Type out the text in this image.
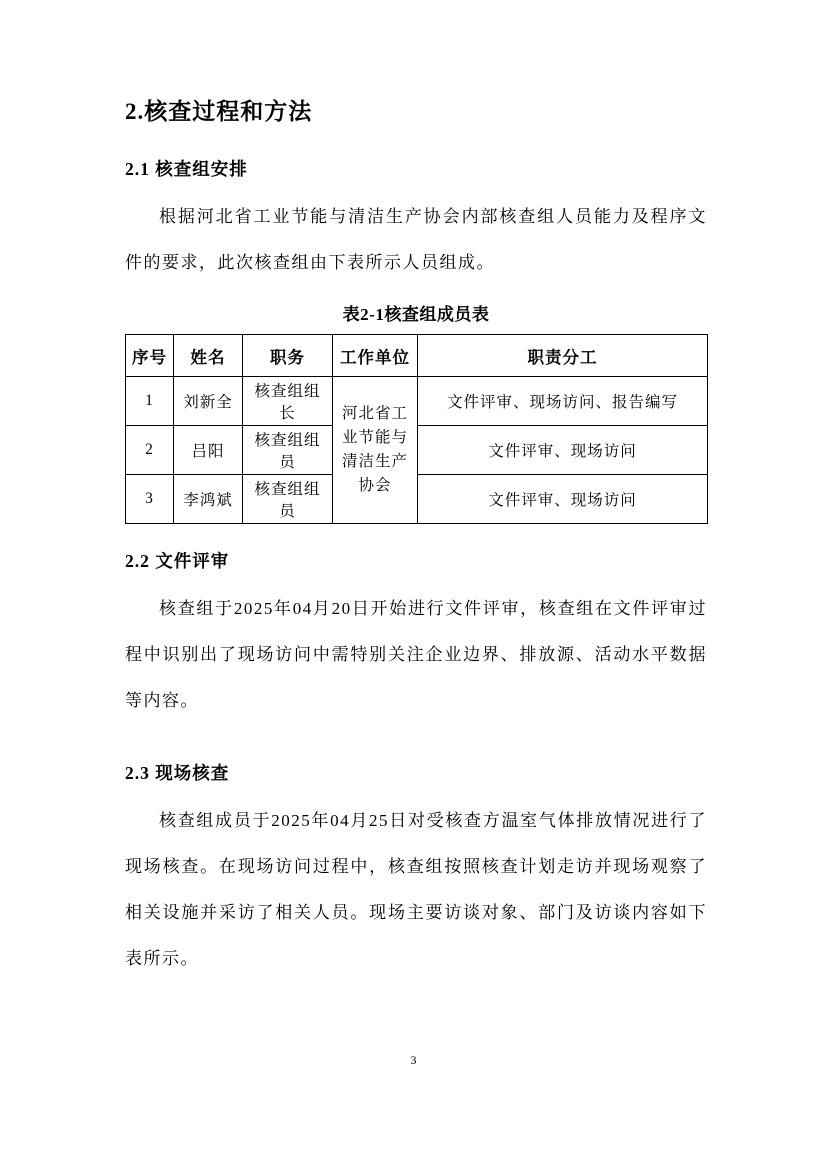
2.核查过程和方法
2.1 核查组安排

根据河北省工业节能与清洁生产协会内部核查组人员能力及程序文件的要求，此次核查组由下表所示人员组成。

表2-1核查组成员表
序号	姓名	职务	工作单位	职责分工
1	刘新全	核查组组长	河北省工业节能与清洁生产协会	文件评审、现场访问、报告编写
2	吕阳	核查组组员		文件评审、现场访问
3	李鸿斌	核查组组员		文件评审、现场访问
2.2 文件评审

核查组于2025年04月20日开始进行文件评审，核查组在文件评审过程中识别出了现场访问中需特别关注企业边界、排放源、活动水平数据等内容。

2.3 现场核查

核查组成员于2025年04月25日对受核查方温室气体排放情况进行了现场核查。在现场访问过程中，核查组按照核查计划走访并现场观察了相关设施并采访了相关人员。现场主要访谈对象、部门及访谈内容如下表所示。

3
